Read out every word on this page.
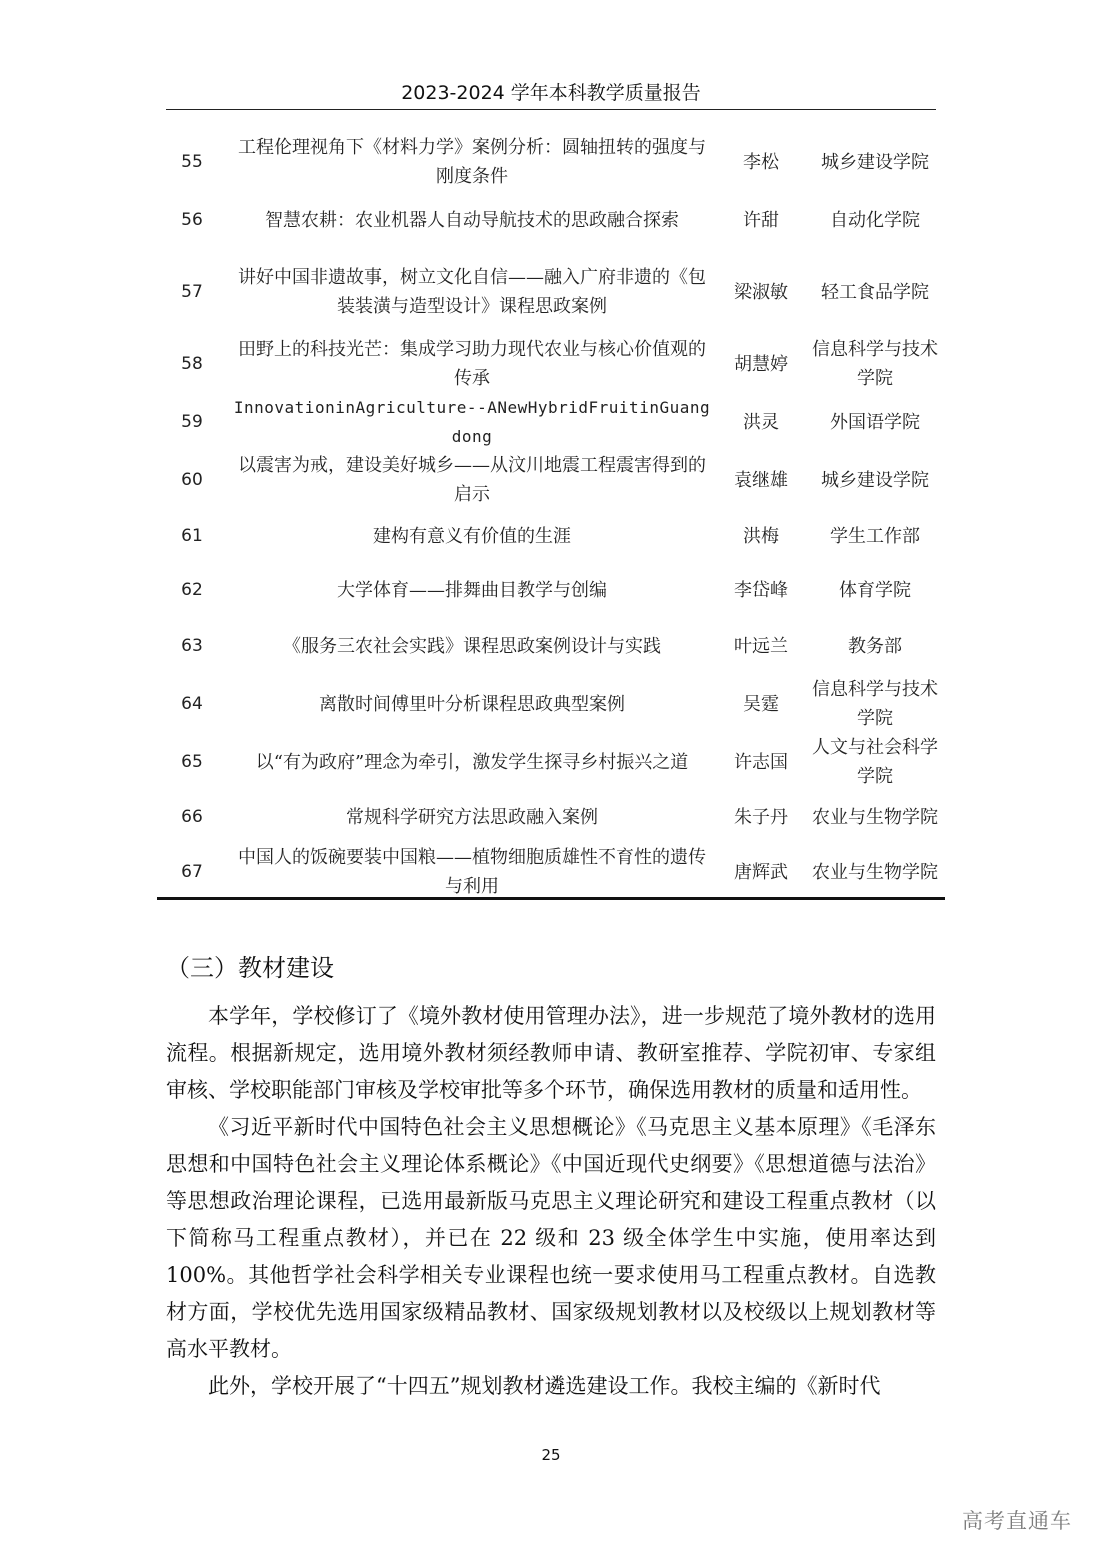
2023-2024 学年本科教学质量报告
55	工程伦理视角下《材料力学》案例分析：圆轴扭转的强度与刚度条件	李松	城乡建设学院
56	智慧农耕：农业机器人自动导航技术的思政融合探索	许甜	自动化学院
57	讲好中国非遗故事，树立文化自信——融入广府非遗的《包装装潢与造型设计》课程思政案例	梁淑敏	轻工食品学院
58	田野上的科技光芒：集成学习助力现代农业与核心价值观的传承	胡慧婷	信息科学与技术学院
59	InnovationinAgriculture--ANewHybridFruitinGuangdong	洪灵	外国语学院
60	以震害为戒，建设美好城乡——从汶川地震工程震害得到的启示	袁继雄	城乡建设学院
61	建构有意义有价值的生涯	洪梅	学生工作部
62	大学体育——排舞曲目教学与创编	李岱峰	体育学院
63	《服务三农社会实践》课程思政案例设计与实践	叶远兰	教务部
64	离散时间傅里叶分析课程思政典型案例	吴霆	信息科学与技术学院
65	以“有为政府”理念为牵引，激发学生探寻乡村振兴之道	许志国	人文与社会科学学院
66	常规科学研究方法思政融入案例	朱子丹	农业与生物学院
67	中国人的饭碗要装中国粮——植物细胞质雄性不育性的遗传与利用	唐辉武	农业与生物学院
（三）教材建设

本学年，学校修订了《境外教材使用管理办法》，进一步规范了境外教材的选用流程。根据新规定，选用境外教材须经教师申请、教研室推荐、学院初审、专家组审核、学校职能部门审核及学校审批等多个环节，确保选用教材的质量和适用性。

《习近平新时代中国特色社会主义思想概论》《马克思主义基本原理》《毛泽东思想和中国特色社会主义理论体系概论》《中国近现代史纲要》《思想道德与法治》等思想政治理论课程，已选用最新版马克思主义理论研究和建设工程重点教材（以下简称马工程重点教材），并已在 22 级和 23 级全体学生中实施，使用率达到 100%。其他哲学社会科学相关专业课程也统一要求使用马工程重点教材。自选教材方面，学校优先选用国家级精品教材、国家级规划教材以及校级以上规划教材等高水平教材。

此外，学校开展了“十四五”规划教材遴选建设工作。我校主编的《新时代

25
高考直通车
